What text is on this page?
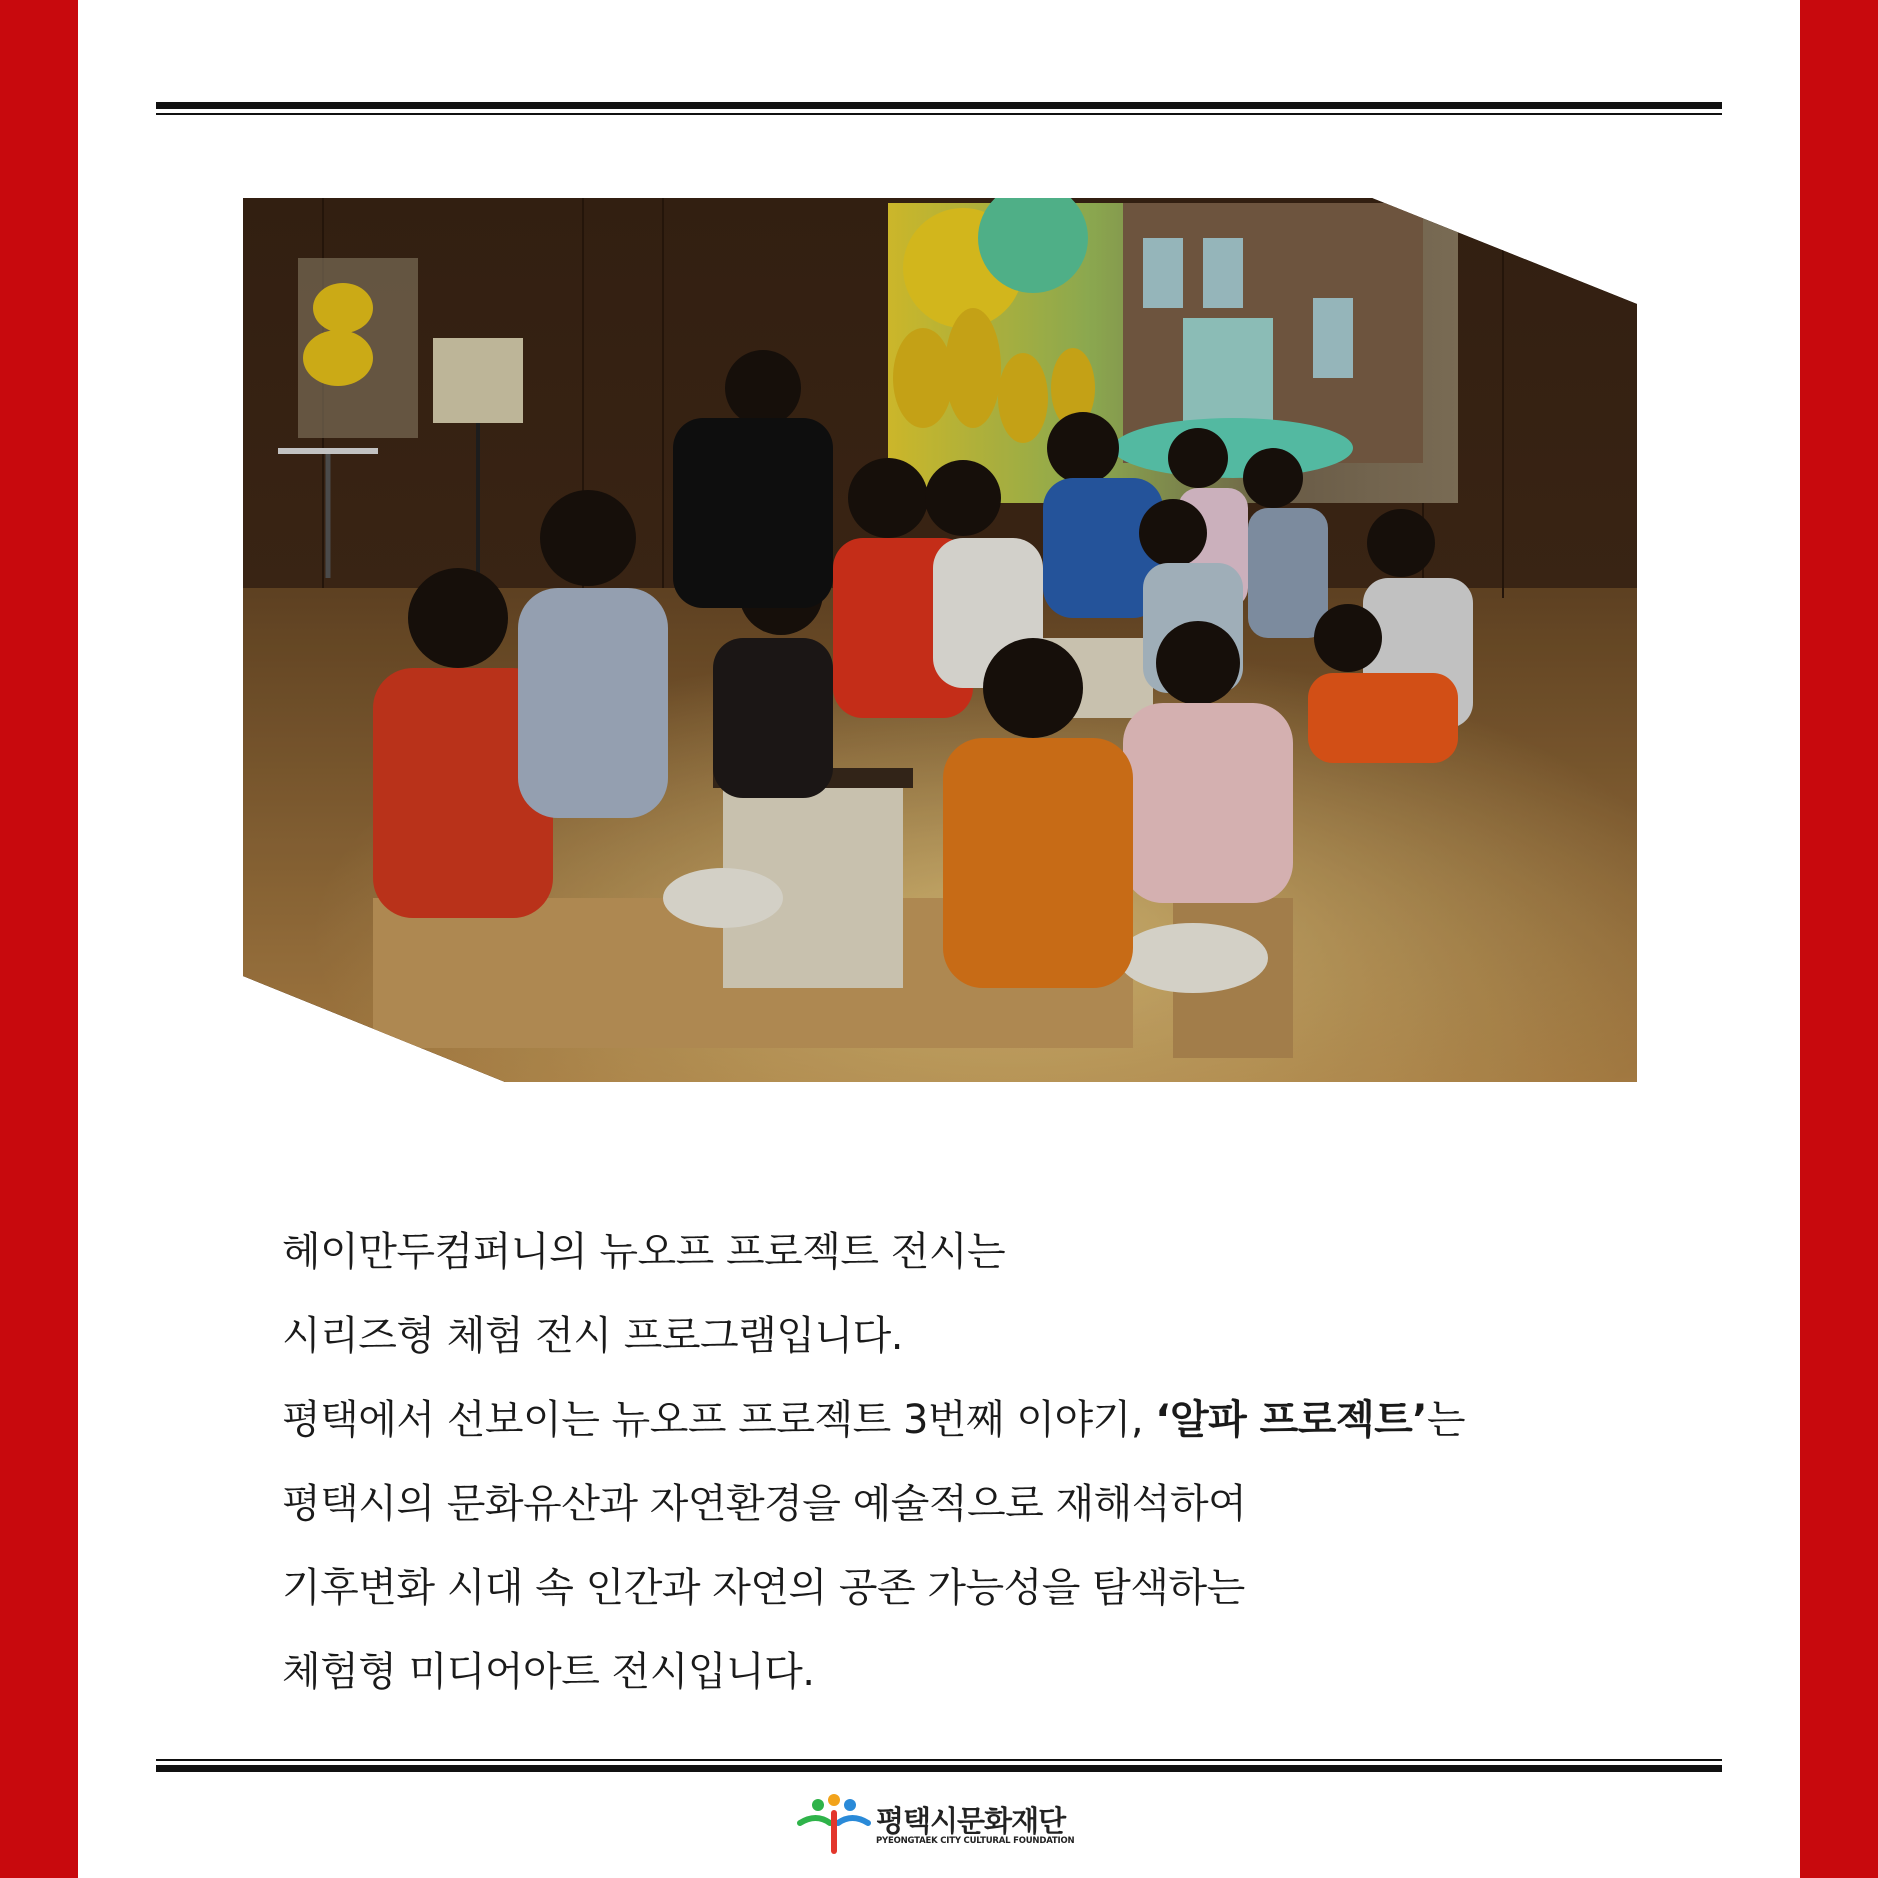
헤이만두컴퍼니의 뉴오프 프로젝트 전시는

시리즈형 체험 전시 프로그램입니다.

평택에서 선보이는 뉴오프 프로젝트 3번째 이야기, ‘알파 프로젝트’는

평택시의 문화유산과 자연환경을 예술적으로 재해석하여

기후변화 시대 속 인간과 자연의 공존 가능성을 탐색하는

체험형 미디어아트 전시입니다.

평택시문화재단
PYEONGTAEK CITY CULTURAL FOUNDATION
